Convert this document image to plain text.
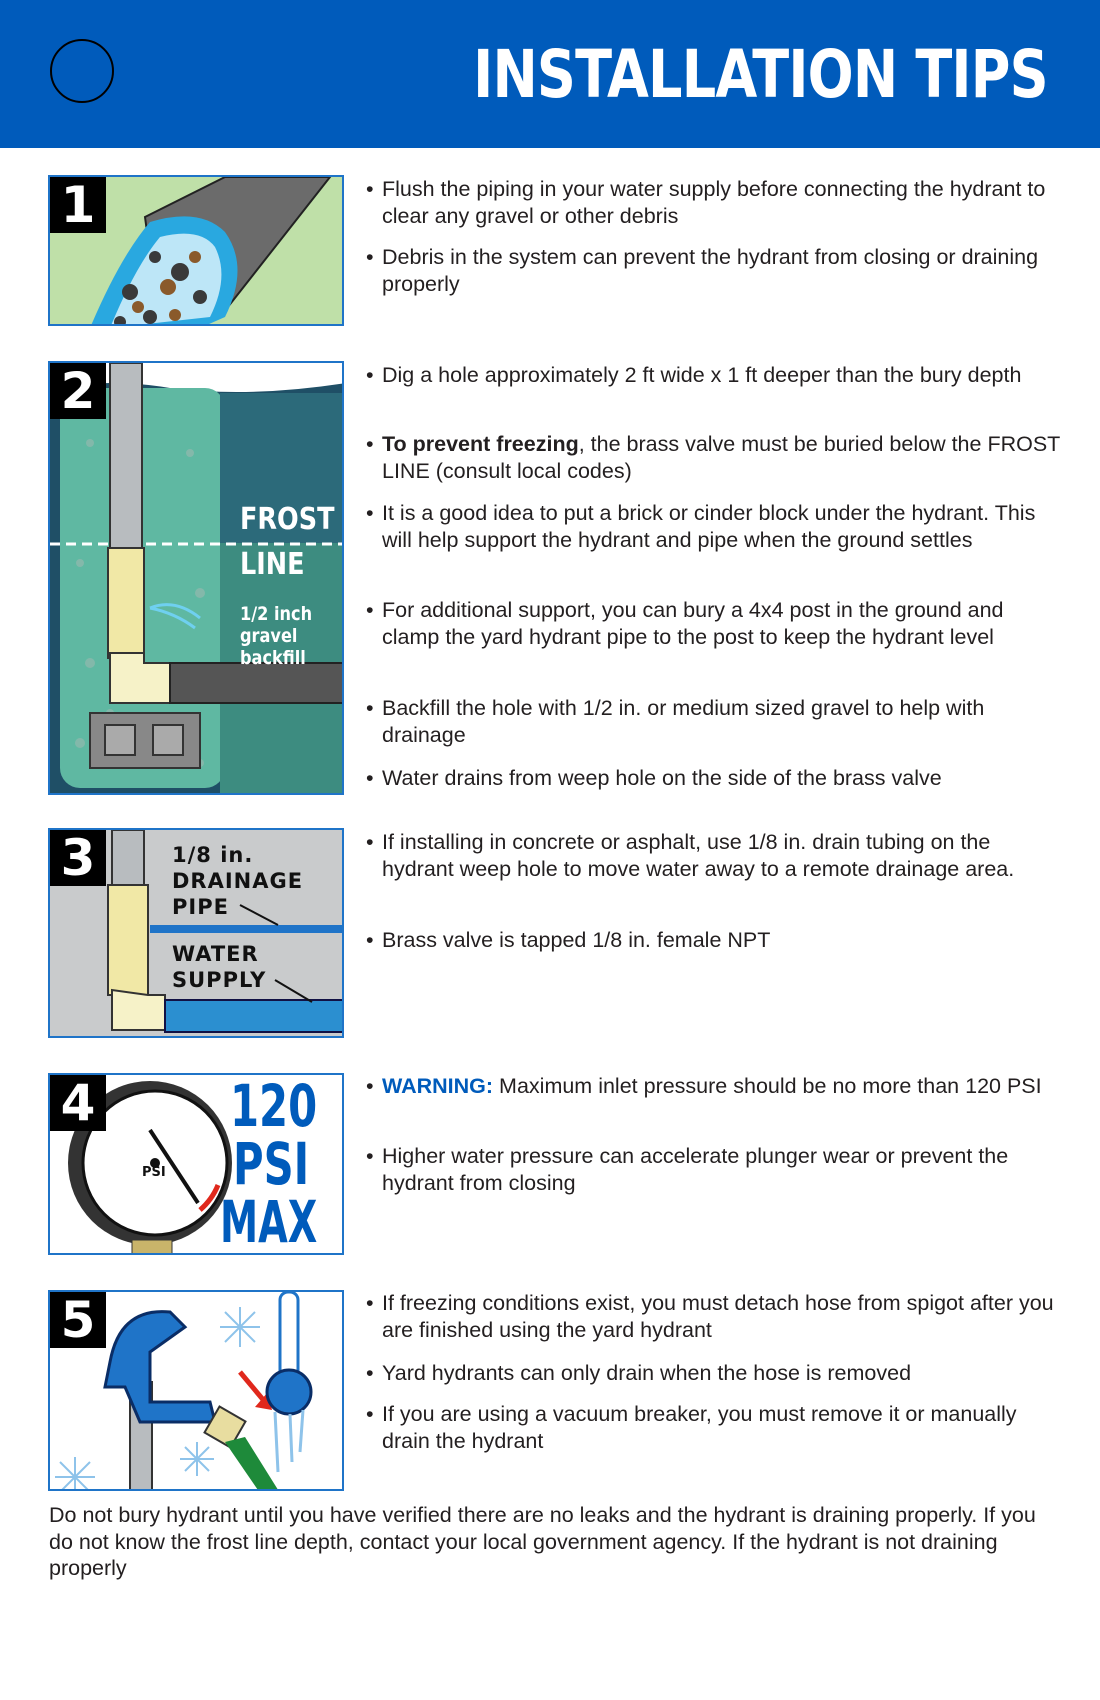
INSTALLATION TIPS
1	• Flush the piping in your water supply before connecting the hydrant to clear any gravel or other debris
• Debris in the system can prevent the hydrant from closing or draining properly
2
FROST
LINE
1/2 inch
gravel
backfill
• Dig a hole approximately 2 ft wide x 1 ft deeper than the bury depth
• To prevent freezing, the brass valve must be buried below the FROST LINE (consult local codes)
• It is a good idea to put a brick or cinder block under the hydrant. This will help support the hydrant and pipe when the ground settles
• For additional support, you can bury a 4x4 post in the ground and clamp the yard hydrant pipe to the post to keep the hydrant level
• Backfill the hole with 1/2 in. or medium sized gravel to help with drainage
• Water drains from weep hole on the side of the brass valve
3	1/8 in.
DRAINAGE
PIPE
WATER
SUPPLY
• If installing in concrete or asphalt, use 1/8 in. drain tubing on the hydrant weep hole to move water away to a remote drainage area.
• Brass valve is tapped 1/8 in. female NPT
4
PSI
120
PSI
MAX
• WARNING: Maximum inlet pressure should be no more than 120 PSI
• Higher water pressure can accelerate plunger wear or prevent the hydrant from closing
5	• If freezing conditions exist, you must detach hose from spigot after you are finished using the yard hydrant
• Yard hydrants can only drain when the hose is removed
• If you are using a vacuum breaker, you must remove it or manually drain the hydrant
Do not bury hydrant until you have verified there are no leaks and the hydrant is draining properly. If you do not know the frost line depth, contact your local government agency. If the hydrant is not draining properly
